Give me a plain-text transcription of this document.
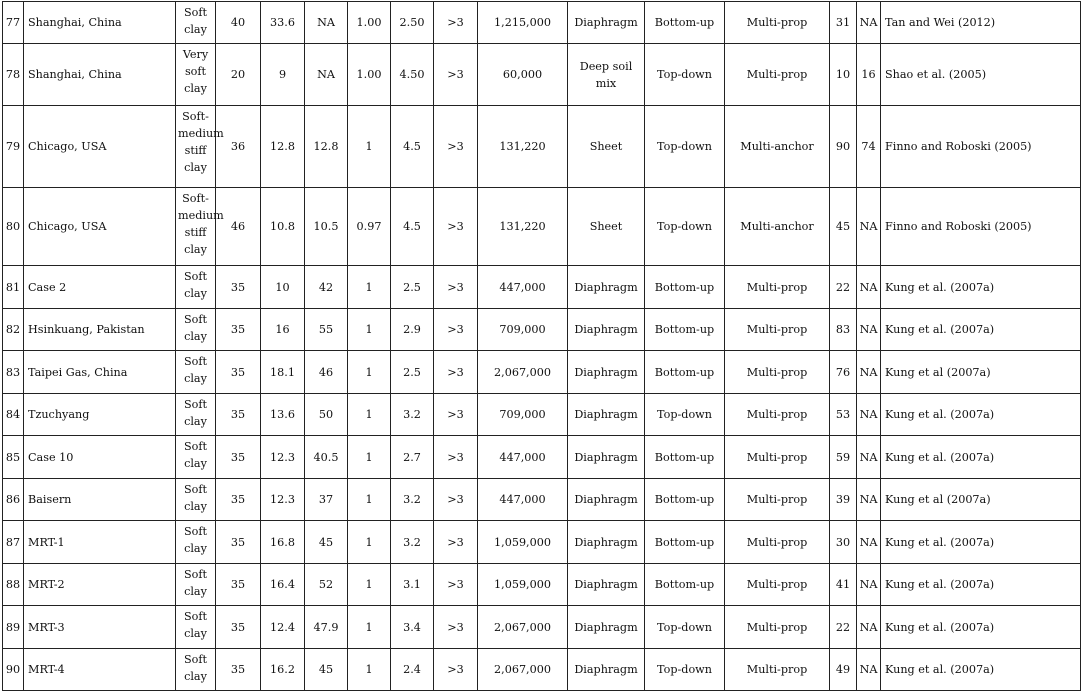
77	Shanghai, China	Soft
clay	40	33.6	NA	1.00	2.50	>3	1,215,000	Diaphragm	Bottom-up	Multi-prop	31	NA	Tan and Wei (2012)
78	Shanghai, China	Very
soft
clay	20	9	NA	1.00	4.50	>3	60,000	Deep soil mix	Top-down	Multi-prop	10	16	Shao et al. (2005)
79	Chicago, USA	Soft-
medium
stiff
clay	36	12.8	12.8	1	4.5	>3	131,220	Sheet	Top-down	Multi-anchor	90	74	Finno and Roboski (2005)
80	Chicago, USA	Soft-
medium
stiff
clay	46	10.8	10.5	0.97	4.5	>3	131,220	Sheet	Top-down	Multi-anchor	45	NA	Finno and Roboski (2005)
81	Case 2	Soft
clay	35	10	42	1	2.5	>3	447,000	Diaphragm	Bottom-up	Multi-prop	22	NA	Kung et al. (2007a)
82	Hsinkuang, Pakistan	Soft
clay	35	16	55	1	2.9	>3	709,000	Diaphragm	Bottom-up	Multi-prop	83	NA	Kung et al. (2007a)
83	Taipei Gas, China	Soft
clay	35	18.1	46	1	2.5	>3	2,067,000	Diaphragm	Bottom-up	Multi-prop	76	NA	Kung et al (2007a)
84	Tzuchyang	Soft
clay	35	13.6	50	1	3.2	>3	709,000	Diaphragm	Top-down	Multi-prop	53	NA	Kung et al. (2007a)
85	Case 10	Soft
clay	35	12.3	40.5	1	2.7	>3	447,000	Diaphragm	Bottom-up	Multi-prop	59	NA	Kung et al. (2007a)
86	Baisern	Soft
clay	35	12.3	37	1	3.2	>3	447,000	Diaphragm	Bottom-up	Multi-prop	39	NA	Kung et al (2007a)
87	MRT-1	Soft
clay	35	16.8	45	1	3.2	>3	1,059,000	Diaphragm	Bottom-up	Multi-prop	30	NA	Kung et al. (2007a)
88	MRT-2	Soft
clay	35	16.4	52	1	3.1	>3	1,059,000	Diaphragm	Bottom-up	Multi-prop	41	NA	Kung et al. (2007a)
89	MRT-3	Soft
clay	35	12.4	47.9	1	3.4	>3	2,067,000	Diaphragm	Top-down	Multi-prop	22	NA	Kung et al. (2007a)
90	MRT-4	Soft
clay	35	16.2	45	1	2.4	>3	2,067,000	Diaphragm	Top-down	Multi-prop	49	NA	Kung et al. (2007a)
